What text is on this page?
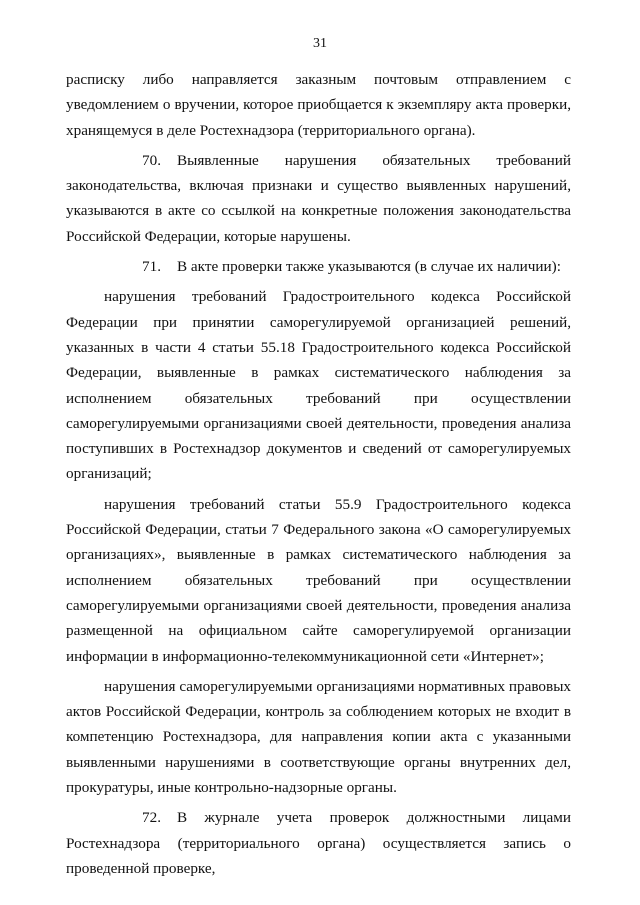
31

расписку либо направляется заказным почтовым отправлением с уведомлением о вручении, которое приобщается к экземпляру акта проверки, хранящемуся в деле Ростехнадзора (территориального органа).

70. Выявленные нарушения обязательных требований законодательства, включая признаки и существо выявленных нарушений, указываются в акте со ссылкой на конкретные положения законодательства Российской Федерации, которые нарушены.

71. В акте проверки также указываются (в случае их наличии):

нарушения требований Градостроительного кодекса Российской Федерации при принятии саморегулируемой организацией решений, указанных в части 4 статьи 55.18 Градостроительного кодекса Российской Федерации, выявленные в рамках систематического наблюдения за исполнением обязательных требований при осуществлении саморегулируемыми организациями своей деятельности, проведения анализа поступивших в Ростехнадзор документов и сведений от саморегулируемых организаций;

нарушения требований статьи 55.9 Градостроительного кодекса Российской Федерации, статьи 7 Федерального закона «О саморегулируемых организациях», выявленные в рамках систематического наблюдения за исполнением обязательных требований при осуществлении саморегулируемыми организациями своей деятельности, проведения анализа размещенной на официальном сайте саморегулируемой организации информации в информационно-телекоммуникационной сети «Интернет»;

нарушения саморегулируемыми организациями нормативных правовых актов Российской Федерации, контроль за соблюдением которых не входит в компетенцию Ростехнадзора, для направления копии акта с указанными выявленными нарушениями в соответствующие органы внутренних дел, прокуратуры, иные контрольно-надзорные органы.

72. В журнале учета проверок должностными лицами Ростехнадзора (территориального органа) осуществляется запись о проведенной проверке,
